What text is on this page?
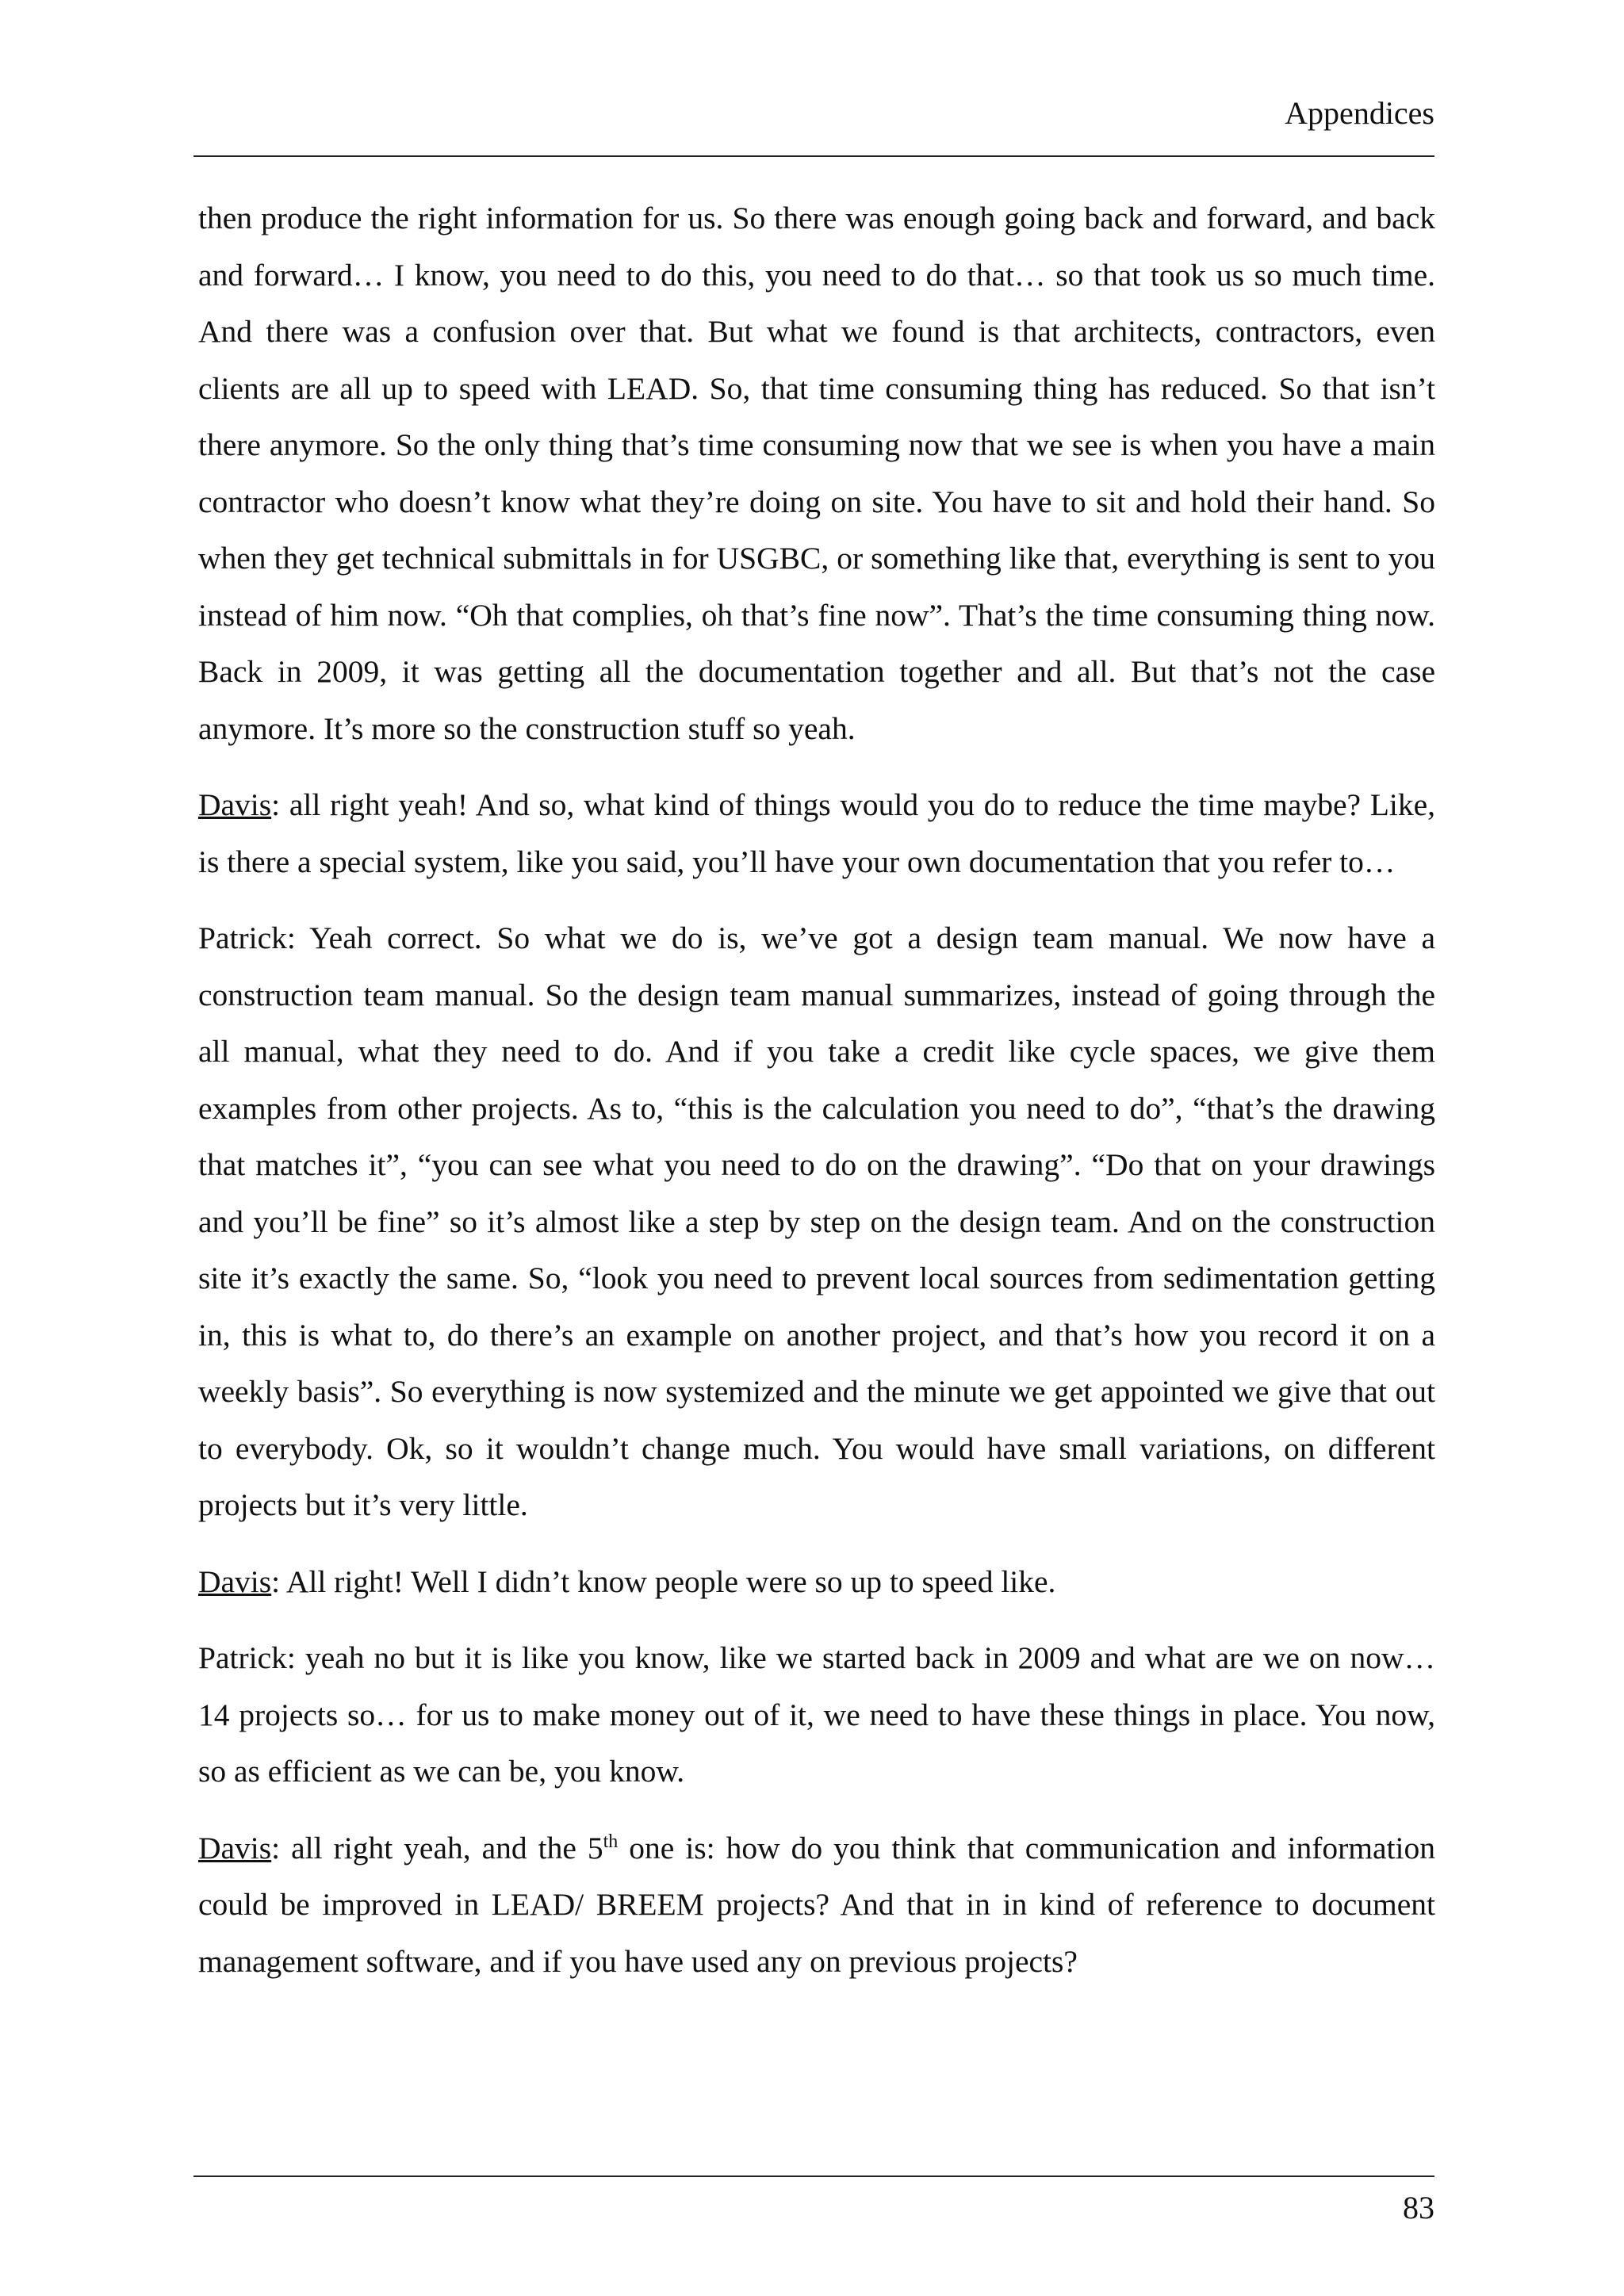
Appendices

then produce the right information for us. So there was enough going back and forward, and back and forward… I know, you need to do this, you need to do that… so that took us so much time. And there was a confusion over that. But what we found is that architects, contractors, even clients are all up to speed with LEAD. So, that time consuming thing has reduced. So that isn’t there anymore. So the only thing that’s time consuming now that we see is when you have a main contractor who doesn’t know what they’re doing on site. You have to sit and hold their hand. So when they get technical submittals in for USGBC, or something like that, everything is sent to you instead of him now. “Oh that complies, oh that’s fine now”. That’s the time consuming thing now. Back in 2009, it was getting all the documentation together and all. But that’s not the case anymore. It’s more so the construction stuff so yeah.

Davis: all right yeah! And so, what kind of things would you do to reduce the time maybe? Like, is there a special system, like you said, you’ll have your own documentation that you refer to…

Patrick: Yeah correct. So what we do is, we’ve got a design team manual. We now have a construction team manual. So the design team manual summarizes, instead of going through the all manual, what they need to do. And if you take a credit like cycle spaces, we give them examples from other projects. As to, “this is the calculation you need to do”, “that’s the drawing that matches it”, “you can see what you need to do on the drawing”. “Do that on your drawings and you’ll be fine” so it’s almost like a step by step on the design team. And on the construction site it’s exactly the same. So, “look you need to prevent local sources from sedimentation getting in, this is what to, do there’s an example on another project, and that’s how you record it on a weekly basis”. So everything is now systemized and the minute we get appointed we give that out to everybody. Ok, so it wouldn’t change much. You would have small variations, on different projects but it’s very little.

Davis: All right! Well I didn’t know people were so up to speed like.

Patrick: yeah no but it is like you know, like we started back in 2009 and what are we on now… 14 projects so… for us to make money out of it, we need to have these things in place. You now, so as efficient as we can be, you know.

Davis: all right yeah, and the 5th one is: how do you think that communication and information could be improved in LEAD/ BREEM projects? And that in in kind of reference to document management software, and if you have used any on previous projects?

83
